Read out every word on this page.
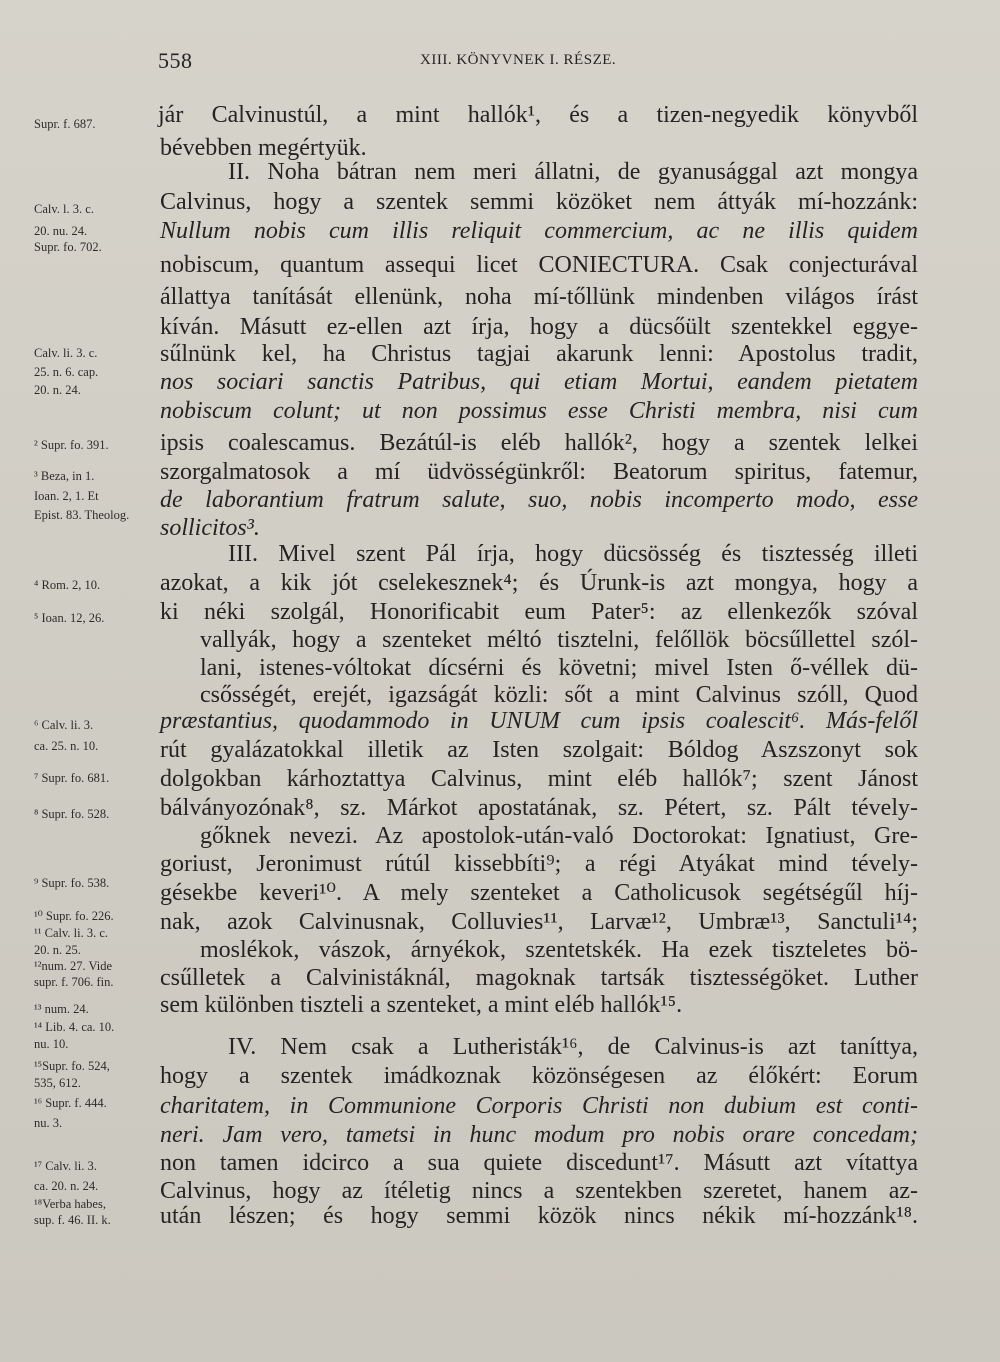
558	XIII. KÖNYVNEK I. RÉSZE.
Supr. f. 687.
Calv. l. 3. c.
20. nu. 24.
Supr. fo. 702.
Calv. li. 3. c.
25. n. 6. cap.
20. n. 24.
² Supr. fo. 391.
³ Beza, in 1.
Ioan. 2, 1. Et
Epist. 83. Theolog.
⁴ Rom. 2, 10.
⁵ Ioan. 12, 26.
⁶ Calv. li. 3.
ca. 25. n. 10.
⁷ Supr. fo. 681.
⁸ Supr. fo. 528.
⁹ Supr. fo. 538.
¹⁰ Supr. fo. 226.
¹¹ Calv. li. 3. c.
20. n. 25.
¹²num. 27. Vide
supr. f. 706. fin.
¹³ num. 24.
¹⁴ Lib. 4. ca. 10.
nu. 10.
¹⁵Supr. fo. 524,
535, 612.
¹⁶ Supr. f. 444.
nu. 3.
¹⁷ Calv. li. 3.
ca. 20. n. 24.
¹⁸Verba habes,
sup. f. 46. II. k.
jár Calvinustúl, a mint hallók¹, és a tizen-negyedik könyvből
bévebben megértyük.
II. Noha bátran nem meri állatni, de gyanusággal azt mongya
Calvinus, hogy a szentek semmi közöket nem áttyák mí-hozzánk:
Nullum nobis cum illis reliquit commercium, ac ne illis quidem
nobiscum, quantum assequi licet CONIECTURA. Csak conjecturával
állattya tanítását ellenünk, noha mí-tőllünk mindenben világos írást
kíván. Másutt ez-ellen azt írja, hogy a dücsőült szentekkel eggye-
sűlnünk kel, ha Christus tagjai akarunk lenni: Apostolus tradit,
nos sociari sanctis Patribus, qui etiam Mortui, eandem pietatem
nobiscum colunt; ut non possimus esse Christi membra, nisi cum
ipsis coalescamus. Bezátúl-is eléb hallók², hogy a szentek lelkei
szorgalmatosok a mí üdvösségünkről: Beatorum spiritus, fatemur,
de laborantium fratrum salute, suo, nobis incomperto modo, esse
sollicitos³.
III. Mivel szent Pál írja, hogy dücsösség és tisztesség illeti
azokat, a kik jót cselekesznek⁴; és Úrunk-is azt mongya, hogy a
ki néki szolgál, Honorificabit eum Pater⁵: az ellenkezők szóval
vallyák, hogy a szenteket méltó tisztelni, felőllök böcsűllettel szól-
lani, istenes-vóltokat dícsérni és követni; mivel Isten ő-véllek dü-
csősségét, erejét, igazságát közli: sőt a mint Calvinus szóll, Quod
præstantius, quodammodo in UNUM cum ipsis coalescit⁶. Más-felől
rút gyalázatokkal illetik az Isten szolgait: Bóldog Aszszonyt sok
dolgokban kárhoztattya Calvinus, mint eléb hallók⁷; szent Jánost
bálványozónak⁸, sz. Márkot apostatának, sz. Pétert, sz. Pált tévely-
gőknek nevezi. Az apostolok-után-való Doctorokat: Ignatiust, Gre-
goriust, Jeronimust rútúl kissebbíti⁹; a régi Atyákat mind tévely-
gésekbe keveri¹⁰. A mely szenteket a Catholicusok segétségűl híj-
nak, azok Calvinusnak, Colluvies¹¹, Larvæ¹², Umbræ¹³, Sanctuli¹⁴;
moslékok, vászok, árnyékok, szentetskék. Ha ezek tiszteletes bö-
csűlletek a Calvinistáknál, magoknak tartsák tisztességöket. Luther
sem különben tiszteli a szenteket, a mint eléb hallók¹⁵.
IV. Nem csak a Lutheristák¹⁶, de Calvinus-is azt taníttya,
hogy a szentek imádkoznak közönségesen az élőkért: Eorum
charitatem, in Communione Corporis Christi non dubium est conti-
neri. Jam vero, tametsi in hunc modum pro nobis orare concedam;
non tamen idcirco a sua quiete discedunt¹⁷. Másutt azt vítattya
Calvinus, hogy az ítéletig nincs a szentekben szeretet, hanem az-
után lészen; és hogy semmi közök nincs nékik mí-hozzánk¹⁸.
